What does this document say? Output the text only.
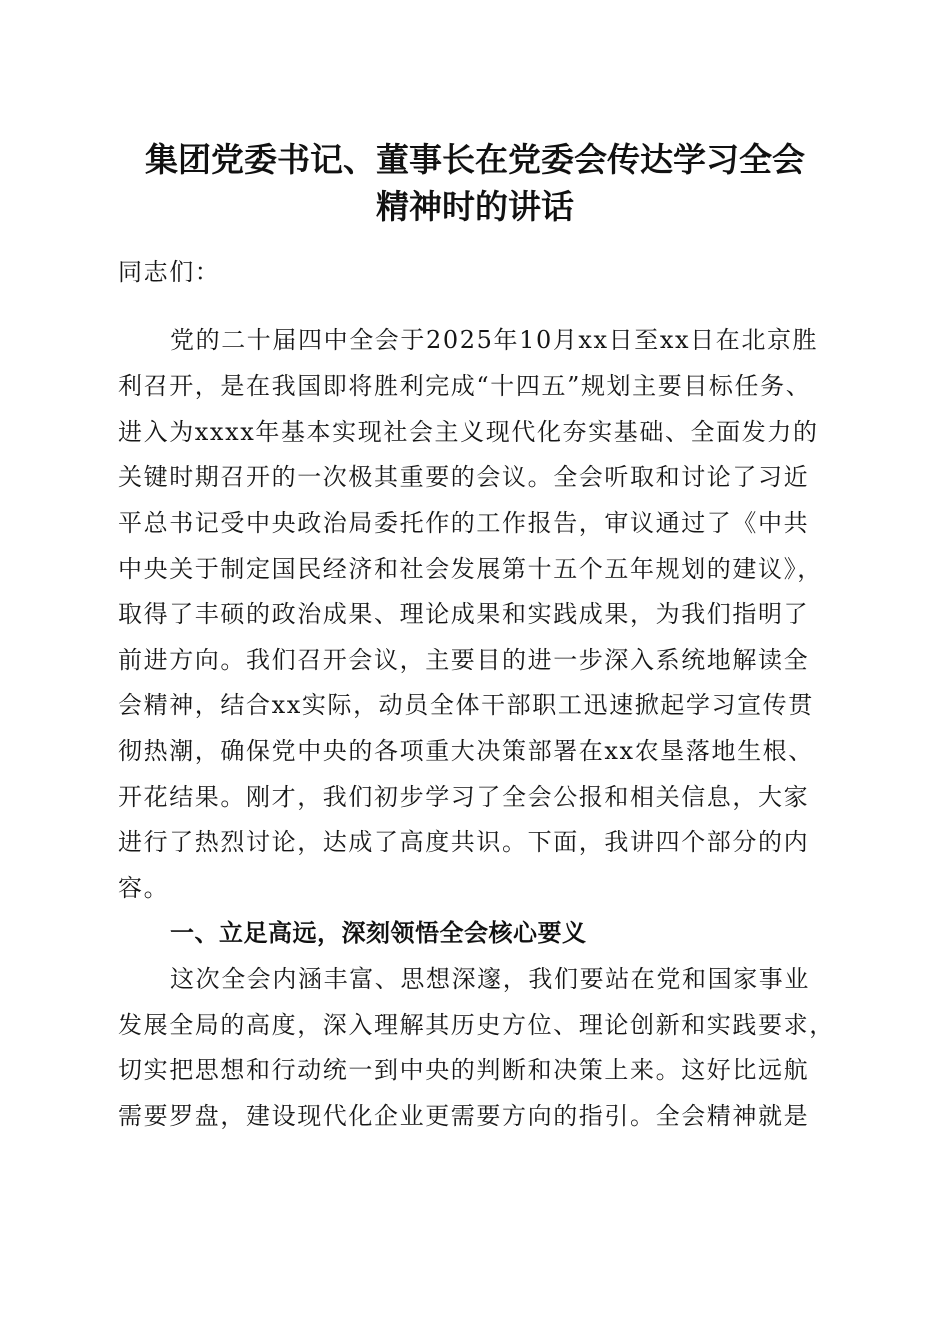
集团党委书记、董事长在党委会传达学习全会
精神时的讲话

同志们：

党的二十届四中全会于2025年10月xx日至xx日在北京胜

利召开，是在我国即将胜利完成“十四五”规划主要目标任务、

进入为xxxx年基本实现社会主义现代化夯实基础、全面发力的

关键时期召开的一次极其重要的会议。全会听取和讨论了习近

平总书记受中央政治局委托作的工作报告，审议通过了《中共

中央关于制定国民经济和社会发展第十五个五年规划的建议》，

取得了丰硕的政治成果、理论成果和实践成果，为我们指明了

前进方向。我们召开会议，主要目的进一步深入系统地解读全

会精神，结合xx实际，动员全体干部职工迅速掀起学习宣传贯

彻热潮，确保党中央的各项重大决策部署在xx农垦落地生根、

开花结果。刚才，我们初步学习了全会公报和相关信息，大家

进行了热烈讨论，达成了高度共识。下面，我讲四个部分的内

容。

一、立足高远，深刻领悟全会核心要义

这次全会内涵丰富、思想深邃，我们要站在党和国家事业

发展全局的高度，深入理解其历史方位、理论创新和实践要求，

切实把思想和行动统一到中央的判断和决策上来。这好比远航

需要罗盘，建设现代化企业更需要方向的指引。全会精神就是
